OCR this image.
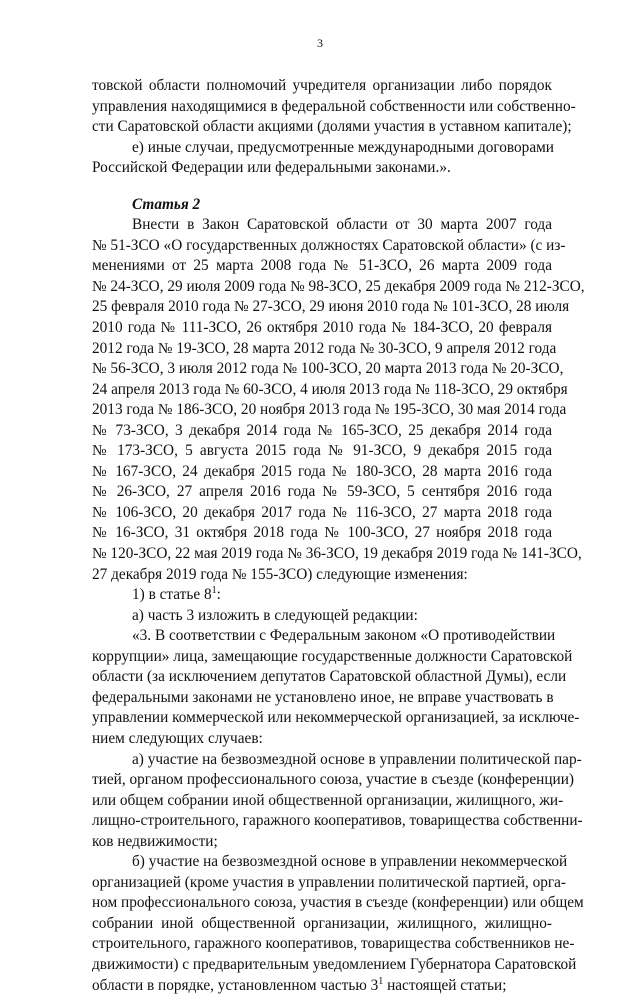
3
товской области полномочий учредителя организации либо порядок
управления находящимися в федеральной собственности или собственно-
сти Саратовской области акциями (долями участия в уставном капитале);
е) иные случаи, предусмотренные международными договорами
Российской Федерации или федеральными законами.».
Статья 2
Внести в Закон Саратовской области от 30 марта 2007 года
№ 51-ЗСО «О государственных должностях Саратовской области» (с из-
менениями от 25 марта 2008 года № 51-ЗСО, 26 марта 2009 года
№ 24-ЗСО, 29 июля 2009 года № 98-ЗСО, 25 декабря 2009 года № 212-ЗСО,
25 февраля 2010 года № 27-ЗСО, 29 июня 2010 года № 101-ЗСО, 28 июля
2010 года № 111-ЗСО, 26 октября 2010 года № 184-ЗСО, 20 февраля
2012 года № 19-ЗСО, 28 марта 2012 года № 30-ЗСО, 9 апреля 2012 года
№ 56-ЗСО, 3 июля 2012 года № 100-ЗСО, 20 марта 2013 года № 20-ЗСО,
24 апреля 2013 года № 60-ЗСО, 4 июля 2013 года № 118-ЗСО, 29 октября
2013 года № 186-ЗСО, 20 ноября 2013 года № 195-ЗСО, 30 мая 2014 года
№ 73-ЗСО, 3 декабря 2014 года № 165-ЗСО, 25 декабря 2014 года
№ 173-ЗСО, 5 августа 2015 года № 91-ЗСО, 9 декабря 2015 года
№ 167-ЗСО, 24 декабря 2015 года № 180-ЗСО, 28 марта 2016 года
№ 26-ЗСО, 27 апреля 2016 года № 59-ЗСО, 5 сентября 2016 года
№ 106-ЗСО, 20 декабря 2017 года № 116-ЗСО, 27 марта 2018 года
№ 16-ЗСО, 31 октября 2018 года № 100-ЗСО, 27 ноября 2018 года
№ 120-ЗСО, 22 мая 2019 года № 36-ЗСО, 19 декабря 2019 года № 141-ЗСО,
27 декабря 2019 года № 155-ЗСО) следующие изменения:
1) в статье $8^1$:
а) часть 3 изложить в следующей редакции:
«3. В соответствии с Федеральным законом «О противодействии
коррупции» лица, замещающие государственные должности Саратовской
области (за исключением депутатов Саратовской областной Думы), если
федеральными законами не установлено иное, не вправе участвовать в
управлении коммерческой или некоммерческой организацией, за исключе-
нием следующих случаев:
а) участие на безвозмездной основе в управлении политической пар-
тией, органом профессионального союза, участие в съезде (конференции)
или общем собрании иной общественной организации, жилищного, жи-
лищно-строительного, гаражного кооперативов, товарищества собственни-
ков недвижимости;
б) участие на безвозмездной основе в управлении некоммерческой
организацией (кроме участия в управлении политической партией, орга-
ном профессионального союза, участия в съезде (конференции) или общем
собрании иной общественной организации, жилищного, жилищно-
строительного, гаражного кооперативов, товарищества собственников не-
движимости) с предварительным уведомлением Губернатора Саратовской
области в порядке, установленном частью $3^1$ настоящей статьи;
